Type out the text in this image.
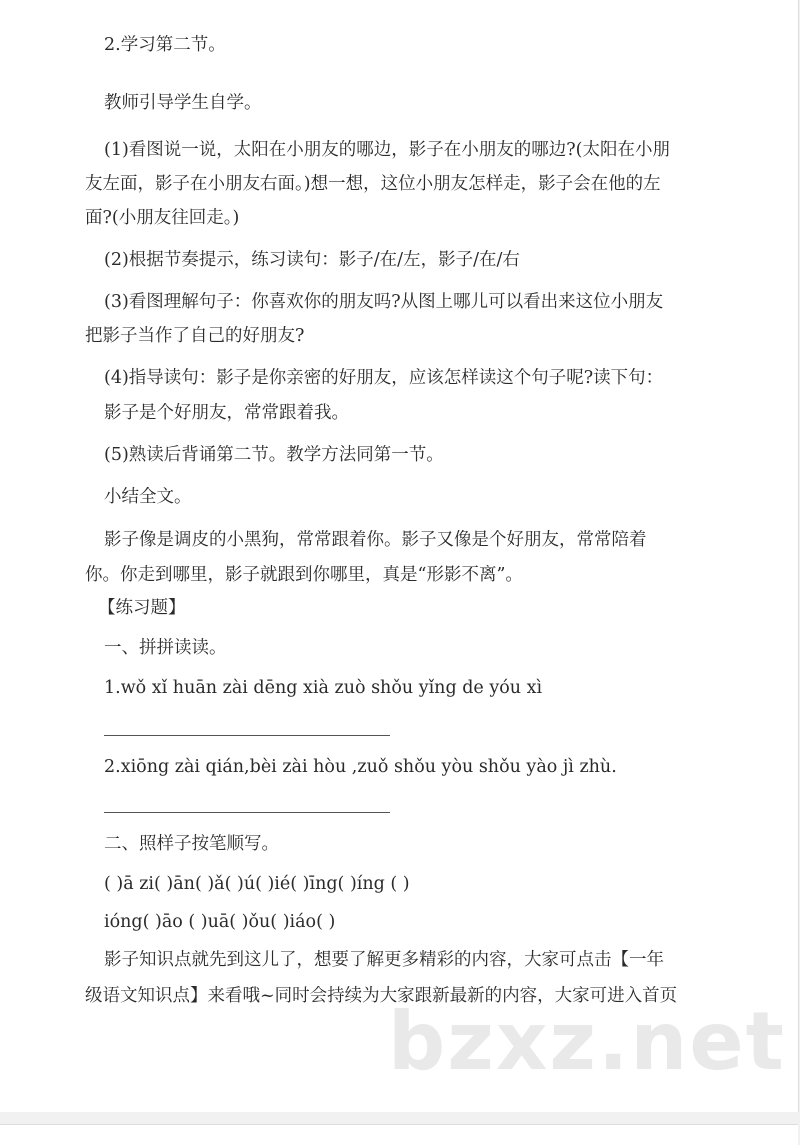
bzxz.net
2.学习第二节。
教师引导学生自学。
(1)看图说一说，太阳在小朋友的哪边，影子在小朋友的哪边?(太阳在小朋
友左面，影子在小朋友右面。)想一想，这位小朋友怎样走，影子会在他的左
面?(小朋友往回走。)
(2)根据节奏提示，练习读句：影子/在/左，影子/在/右
(3)看图理解句子：你喜欢你的朋友吗?从图上哪儿可以看出来这位小朋友
把影子当作了自己的好朋友?
(4)指导读句：影子是你亲密的好朋友，应该怎样读这个句子呢?读下句：
影子是个好朋友，常常跟着我。
(5)熟读后背诵第二节。教学方法同第一节。
小结全文。
影子像是调皮的小黑狗，常常跟着你。影子又像是个好朋友，常常陪着
你。你走到哪里，影子就跟到你哪里，真是“形影不离”。
【练习题】
一、拼拼读读。
1.wǒ xǐ huān zài dēng xià zuò shǒu yǐng de yóu xì
2.xiōng zài qián,bèi zài hòu ,zuǒ shǒu yòu shǒu yào jì zhù.
二、照样子按笔顺写。
( )ā zi( )ān( )ǎ( )ú( )ié( )īng( )íng ( )
ióng( )āo ( )uā( )ǒu( )iáo( )
影子知识点就先到这儿了，想要了解更多精彩的内容，大家可点击【一年
级语文知识点】来看哦~同时会持续为大家跟新最新的内容，大家可进入首页
